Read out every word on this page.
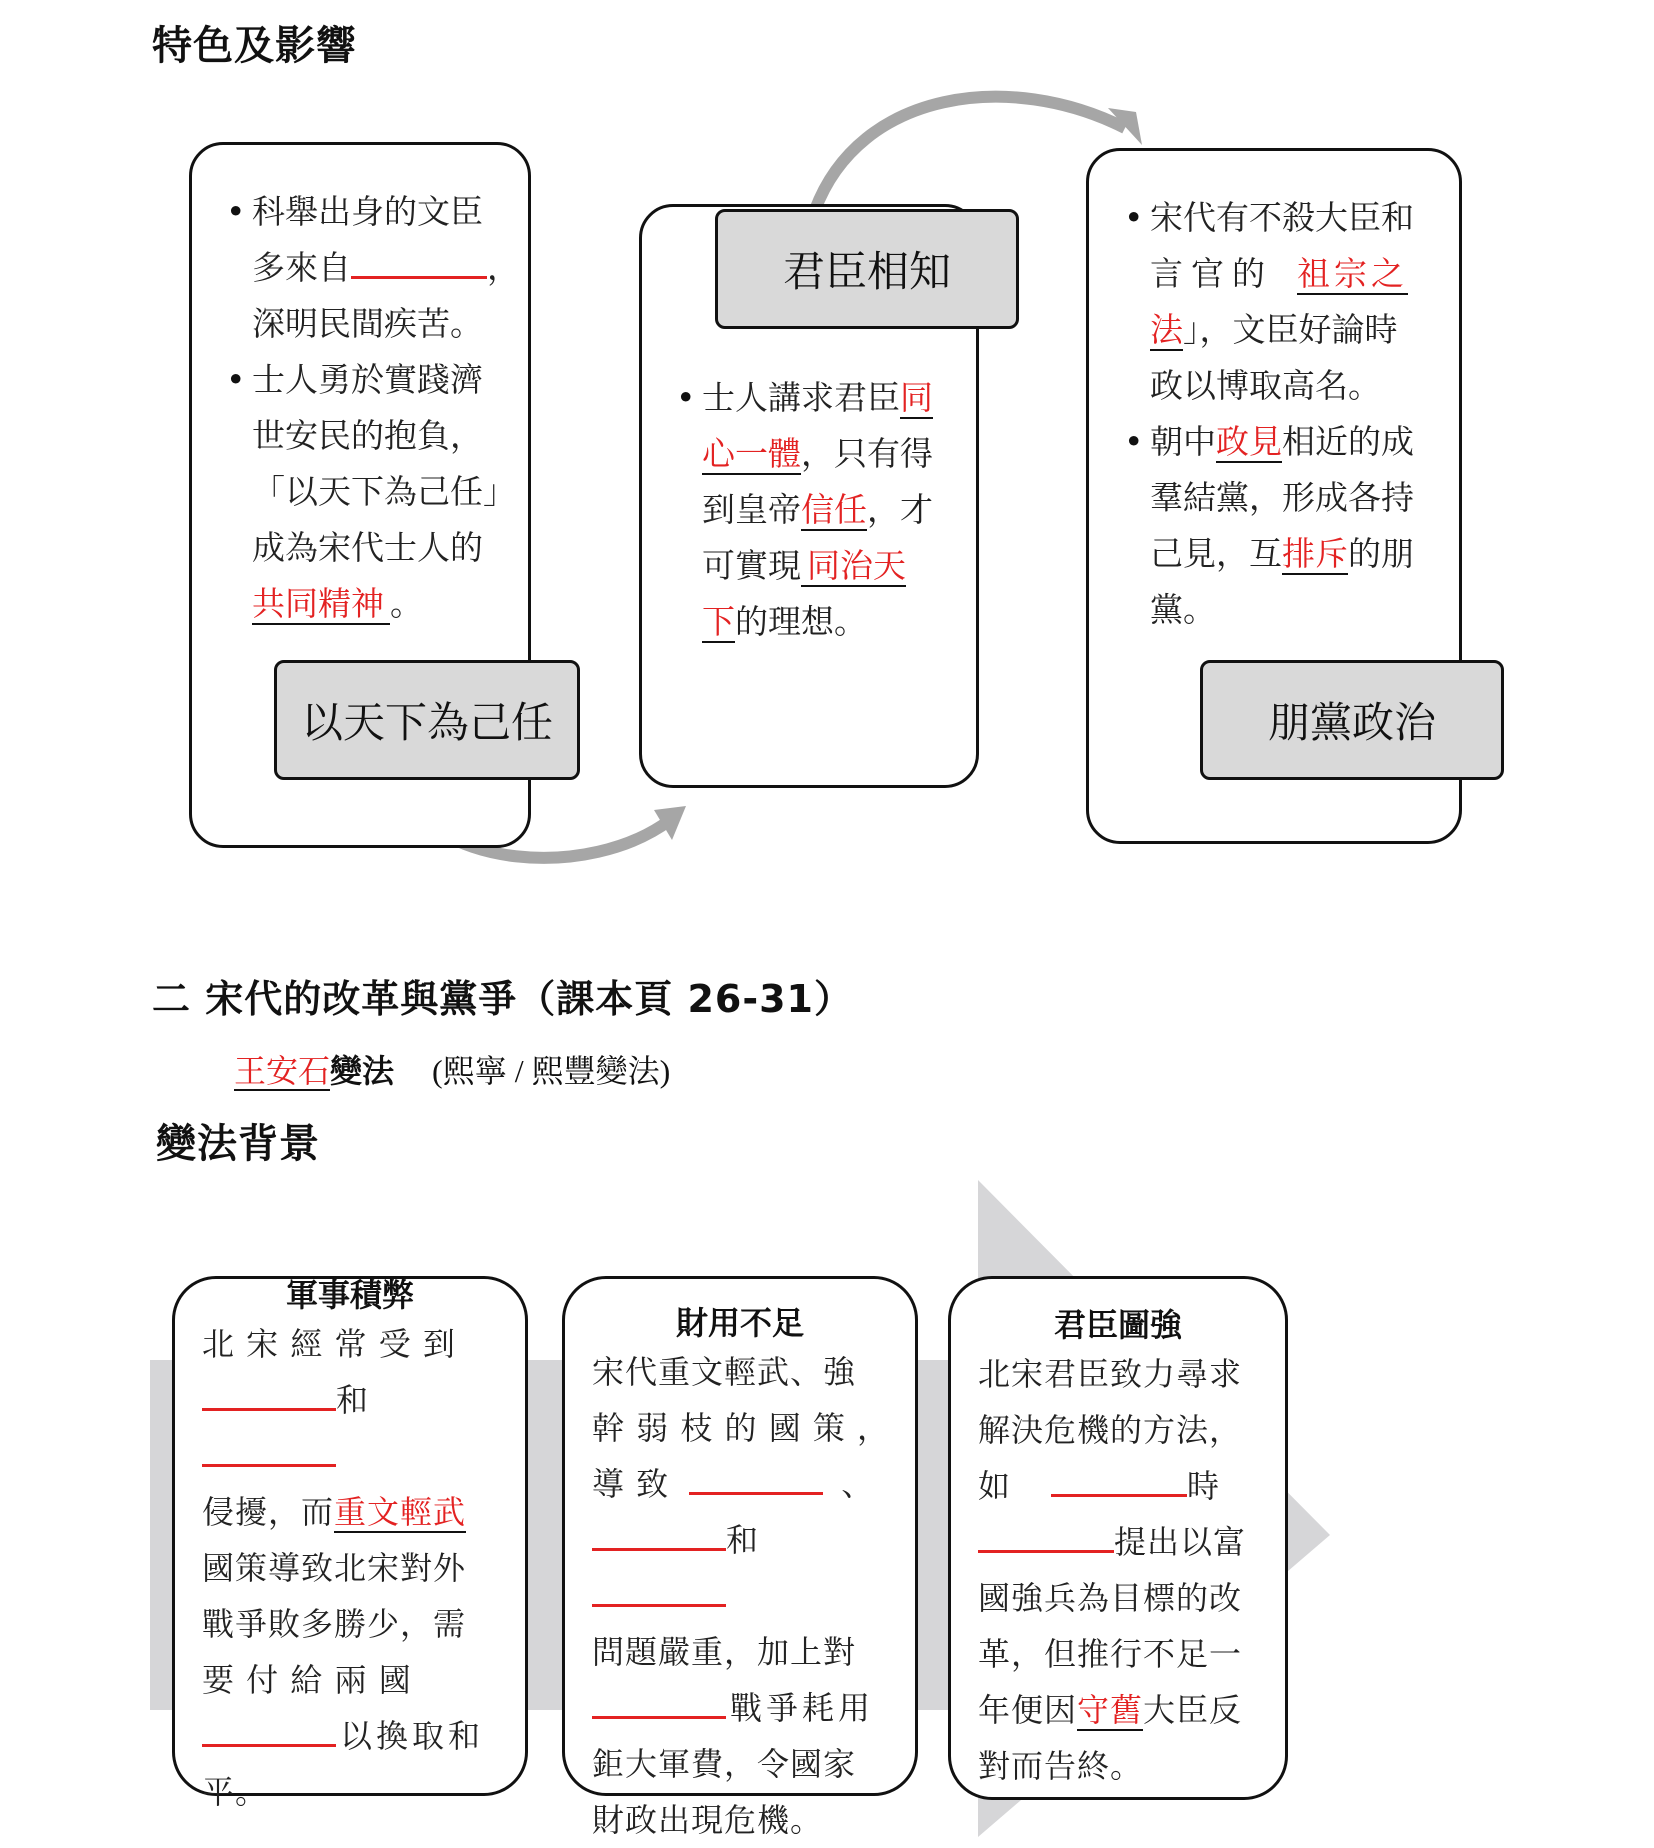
特色及影響
• 科舉出身的文臣
多來自	，
深明民間疾苦。
• 士人勇於實踐濟
世安民的抱負，
「以天下為己任」
成為宋代士人的
共同精神 。
以天下為己任
君臣相知
• 士人講求君臣同
心一體，只有得
到皇帝信任，才
可實現 同治天
下的理想。
• 宋代有不殺大臣和
言官的 祖宗之
法」，文臣好論時
政以博取高名。
• 朝中政見相近的成
羣結黨，形成各持
己見，互排斥的朋
黨。
朋黨政治
二 宋代的改革與黨爭（課本頁 26-31）
王安石變法 (熙寧 / 熙豐變法)
變法背景
軍事積弊
北 宋 經 常 受 到
和
侵擾，而重文輕武
國策導致北宋對外
戰爭敗多勝少，需
要 付 給 兩 國
以換取和
平。
財用不足
宋代重文輕武、強
幹 弱 枝 的 國 策 ，
導 致	、
和
問題嚴重，加上對
戰爭耗用
鉅大軍費，令國家
財政出現危機。
君臣圖強
北宋君臣致力尋求
解決危機的方法，
如	時
提出以富
國強兵為目標的改
革，但推行不足一
年便因守舊大臣反
對而告終。
